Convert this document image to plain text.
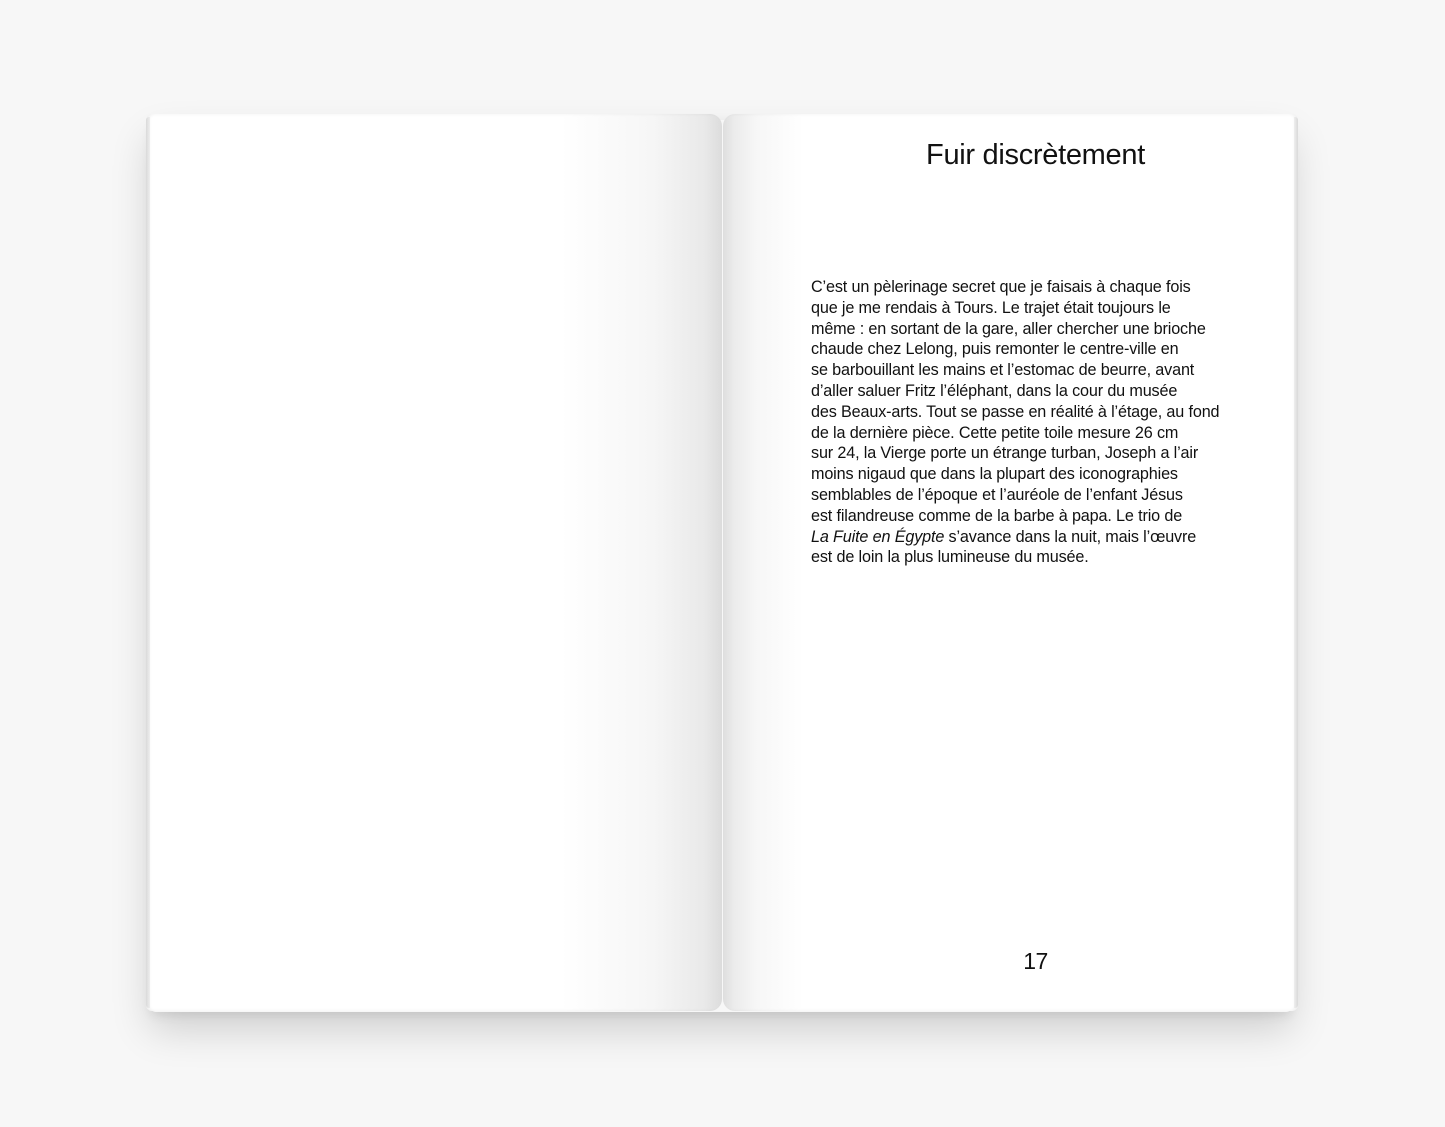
Fuir discrètement

C’est un pèlerinage secret que je faisais à chaque fois
que je me rendais à Tours. Le trajet était toujours le
même : en sortant de la gare, aller chercher une brioche
chaude chez Lelong, puis remonter le centre-ville en
se barbouillant les mains et l’estomac de beurre, avant
d’aller saluer Fritz l’éléphant, dans la cour du musée
des Beaux-arts. Tout se passe en réalité à l’étage, au fond
de la dernière pièce. Cette petite toile mesure 26 cm
sur 24, la Vierge porte un étrange turban, Joseph a l’air
moins nigaud que dans la plupart des iconographies
semblables de l’époque et l’auréole de l’enfant Jésus
est filandreuse comme de la barbe à papa. Le trio de
La Fuite en Égypte s’avance dans la nuit, mais l’œuvre
est de loin la plus lumineuse du musée.

17
